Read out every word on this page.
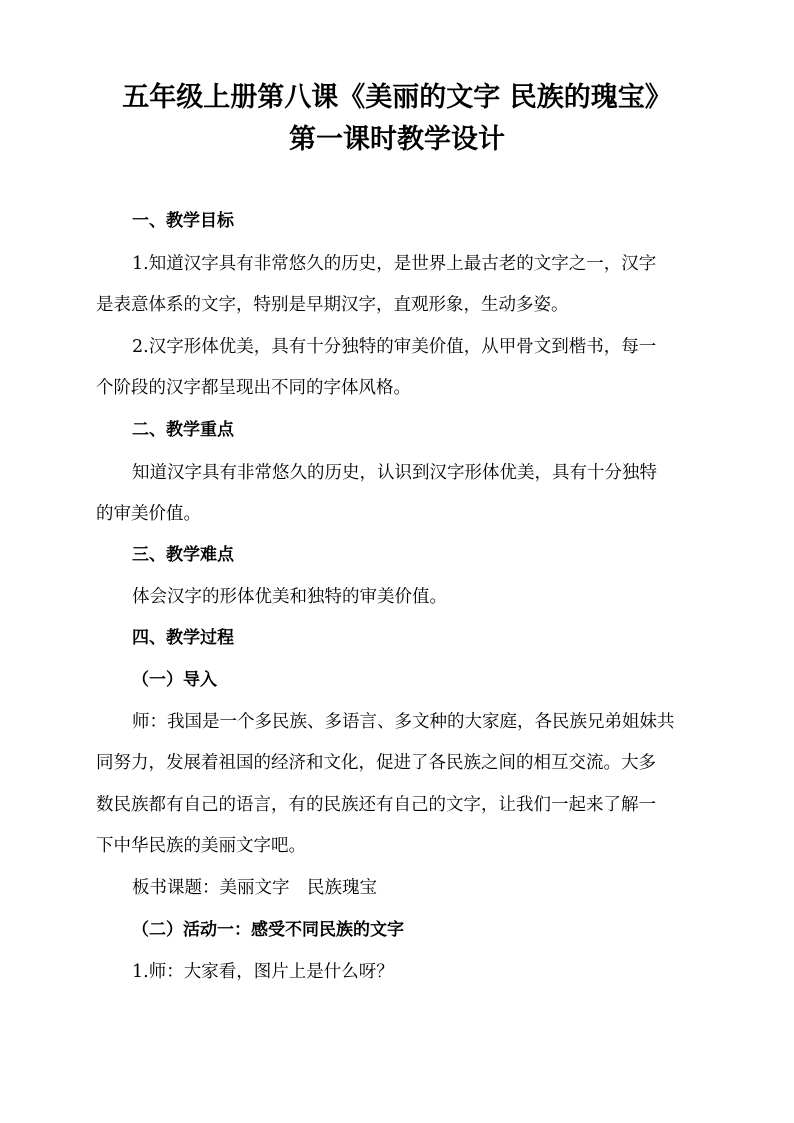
五年级上册第八课《美丽的文字 民族的瑰宝》
第一课时教学设计
一、教学目标
1.知道汉字具有非常悠久的历史，是世界上最古老的文字之一，汉字
是表意体系的文字，特别是早期汉字，直观形象，生动多姿。
2.汉字形体优美，具有十分独特的审美价值，从甲骨文到楷书，每一
个阶段的汉字都呈现出不同的字体风格。
二、教学重点
知道汉字具有非常悠久的历史，认识到汉字形体优美，具有十分独特
的审美价值。
三、教学难点
体会汉字的形体优美和独特的审美价值。
四、教学过程
（一）导入
师：我国是一个多民族、多语言、多文种的大家庭，各民族兄弟姐妹共
同努力，发展着祖国的经济和文化，促进了各民族之间的相互交流。大多
数民族都有自己的语言，有的民族还有自己的文字，让我们一起来了解一
下中华民族的美丽文字吧。
板书课题：美丽文字　民族瑰宝
（二）活动一：感受不同民族的文字
1.师：大家看，图片上是什么呀？
